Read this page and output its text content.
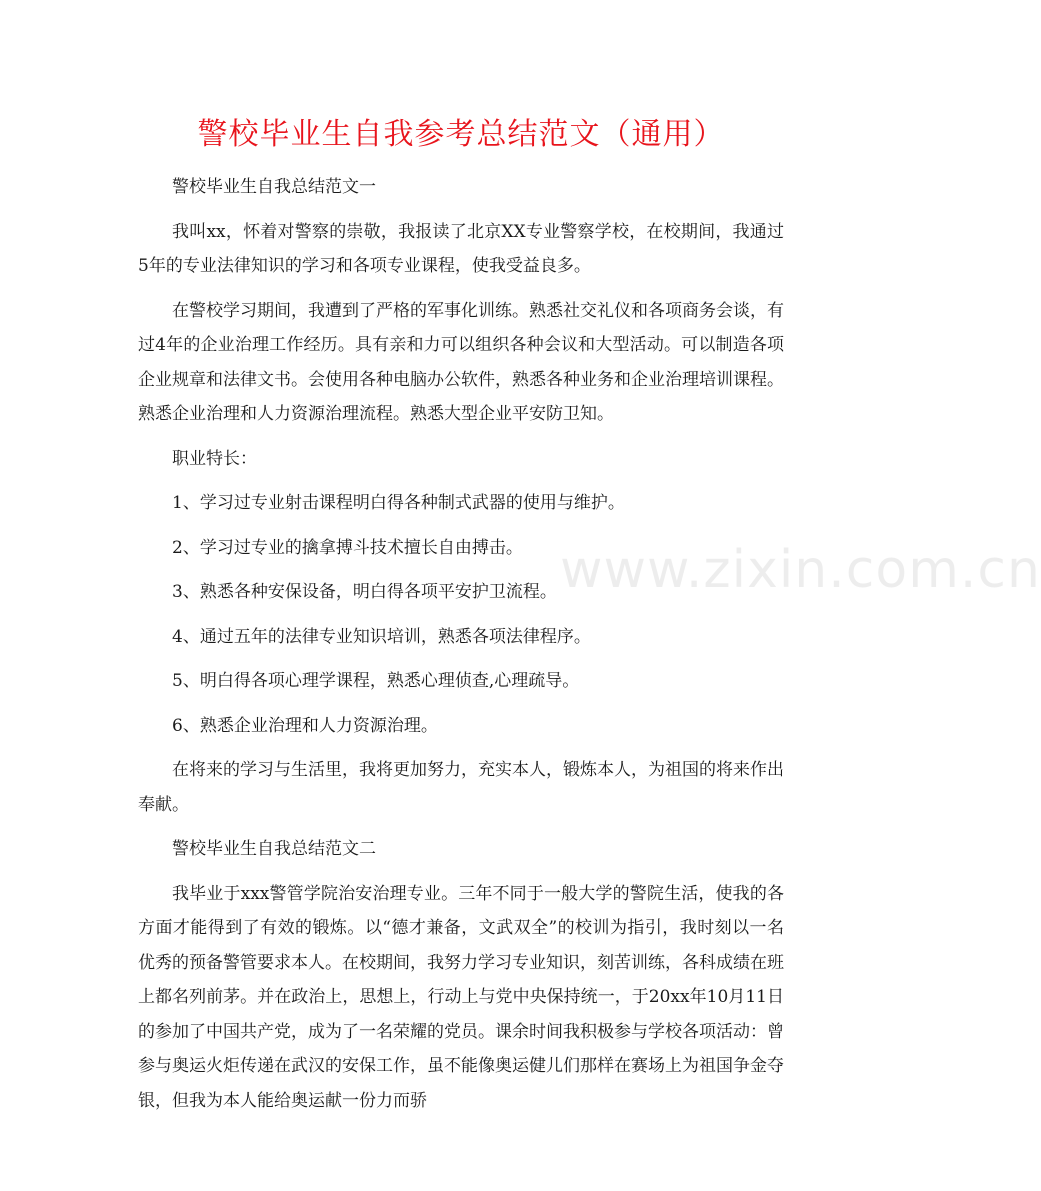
警校毕业生自我参考总结范文（通用）

警校毕业生自我总结范文一

我叫xx，怀着对警察的崇敬，我报读了北京XX专业警察学校，在校期间，我通过5年的专业法律知识的学习和各项专业课程，使我受益良多。

在警校学习期间，我遭到了严格的军事化训练。熟悉社交礼仪和各项商务会谈，有过4年的企业治理工作经历。具有亲和力可以组织各种会议和大型活动。可以制造各项企业规章和法律文书。会使用各种电脑办公软件，熟悉各种业务和企业治理培训课程。熟悉企业治理和人力资源治理流程。熟悉大型企业平安防卫知。

职业特长：

1、学习过专业射击课程明白得各种制式武器的使用与维护。

2、学习过专业的擒拿搏斗技术擅长自由搏击。

3、熟悉各种安保设备，明白得各项平安护卫流程。

4、通过五年的法律专业知识培训，熟悉各项法律程序。

5、明白得各项心理学课程，熟悉心理侦查,心理疏导。

6、熟悉企业治理和人力资源治理。

在将来的学习与生活里，我将更加努力，充实本人，锻炼本人，为祖国的将来作出奉献。

警校毕业生自我总结范文二

我毕业于xxx警管学院治安治理专业。三年不同于一般大学的警院生活，使我的各方面才能得到了有效的锻炼。以“德才兼备，文武双全”的校训为指引，我时刻以一名优秀的预备警管要求本人。在校期间，我努力学习专业知识，刻苦训练，各科成绩在班上都名列前茅。并在政治上，思想上，行动上与党中央保持统一，于20xx年10月11日的参加了中国共产党，成为了一名荣耀的党员。课余时间我积极参与学校各项活动：曾参与奥运火炬传递在武汉的安保工作，虽不能像奥运健儿们那样在赛场上为祖国争金夺银，但我为本人能给奥运献一份力而骄

www.zixin.com.cn
